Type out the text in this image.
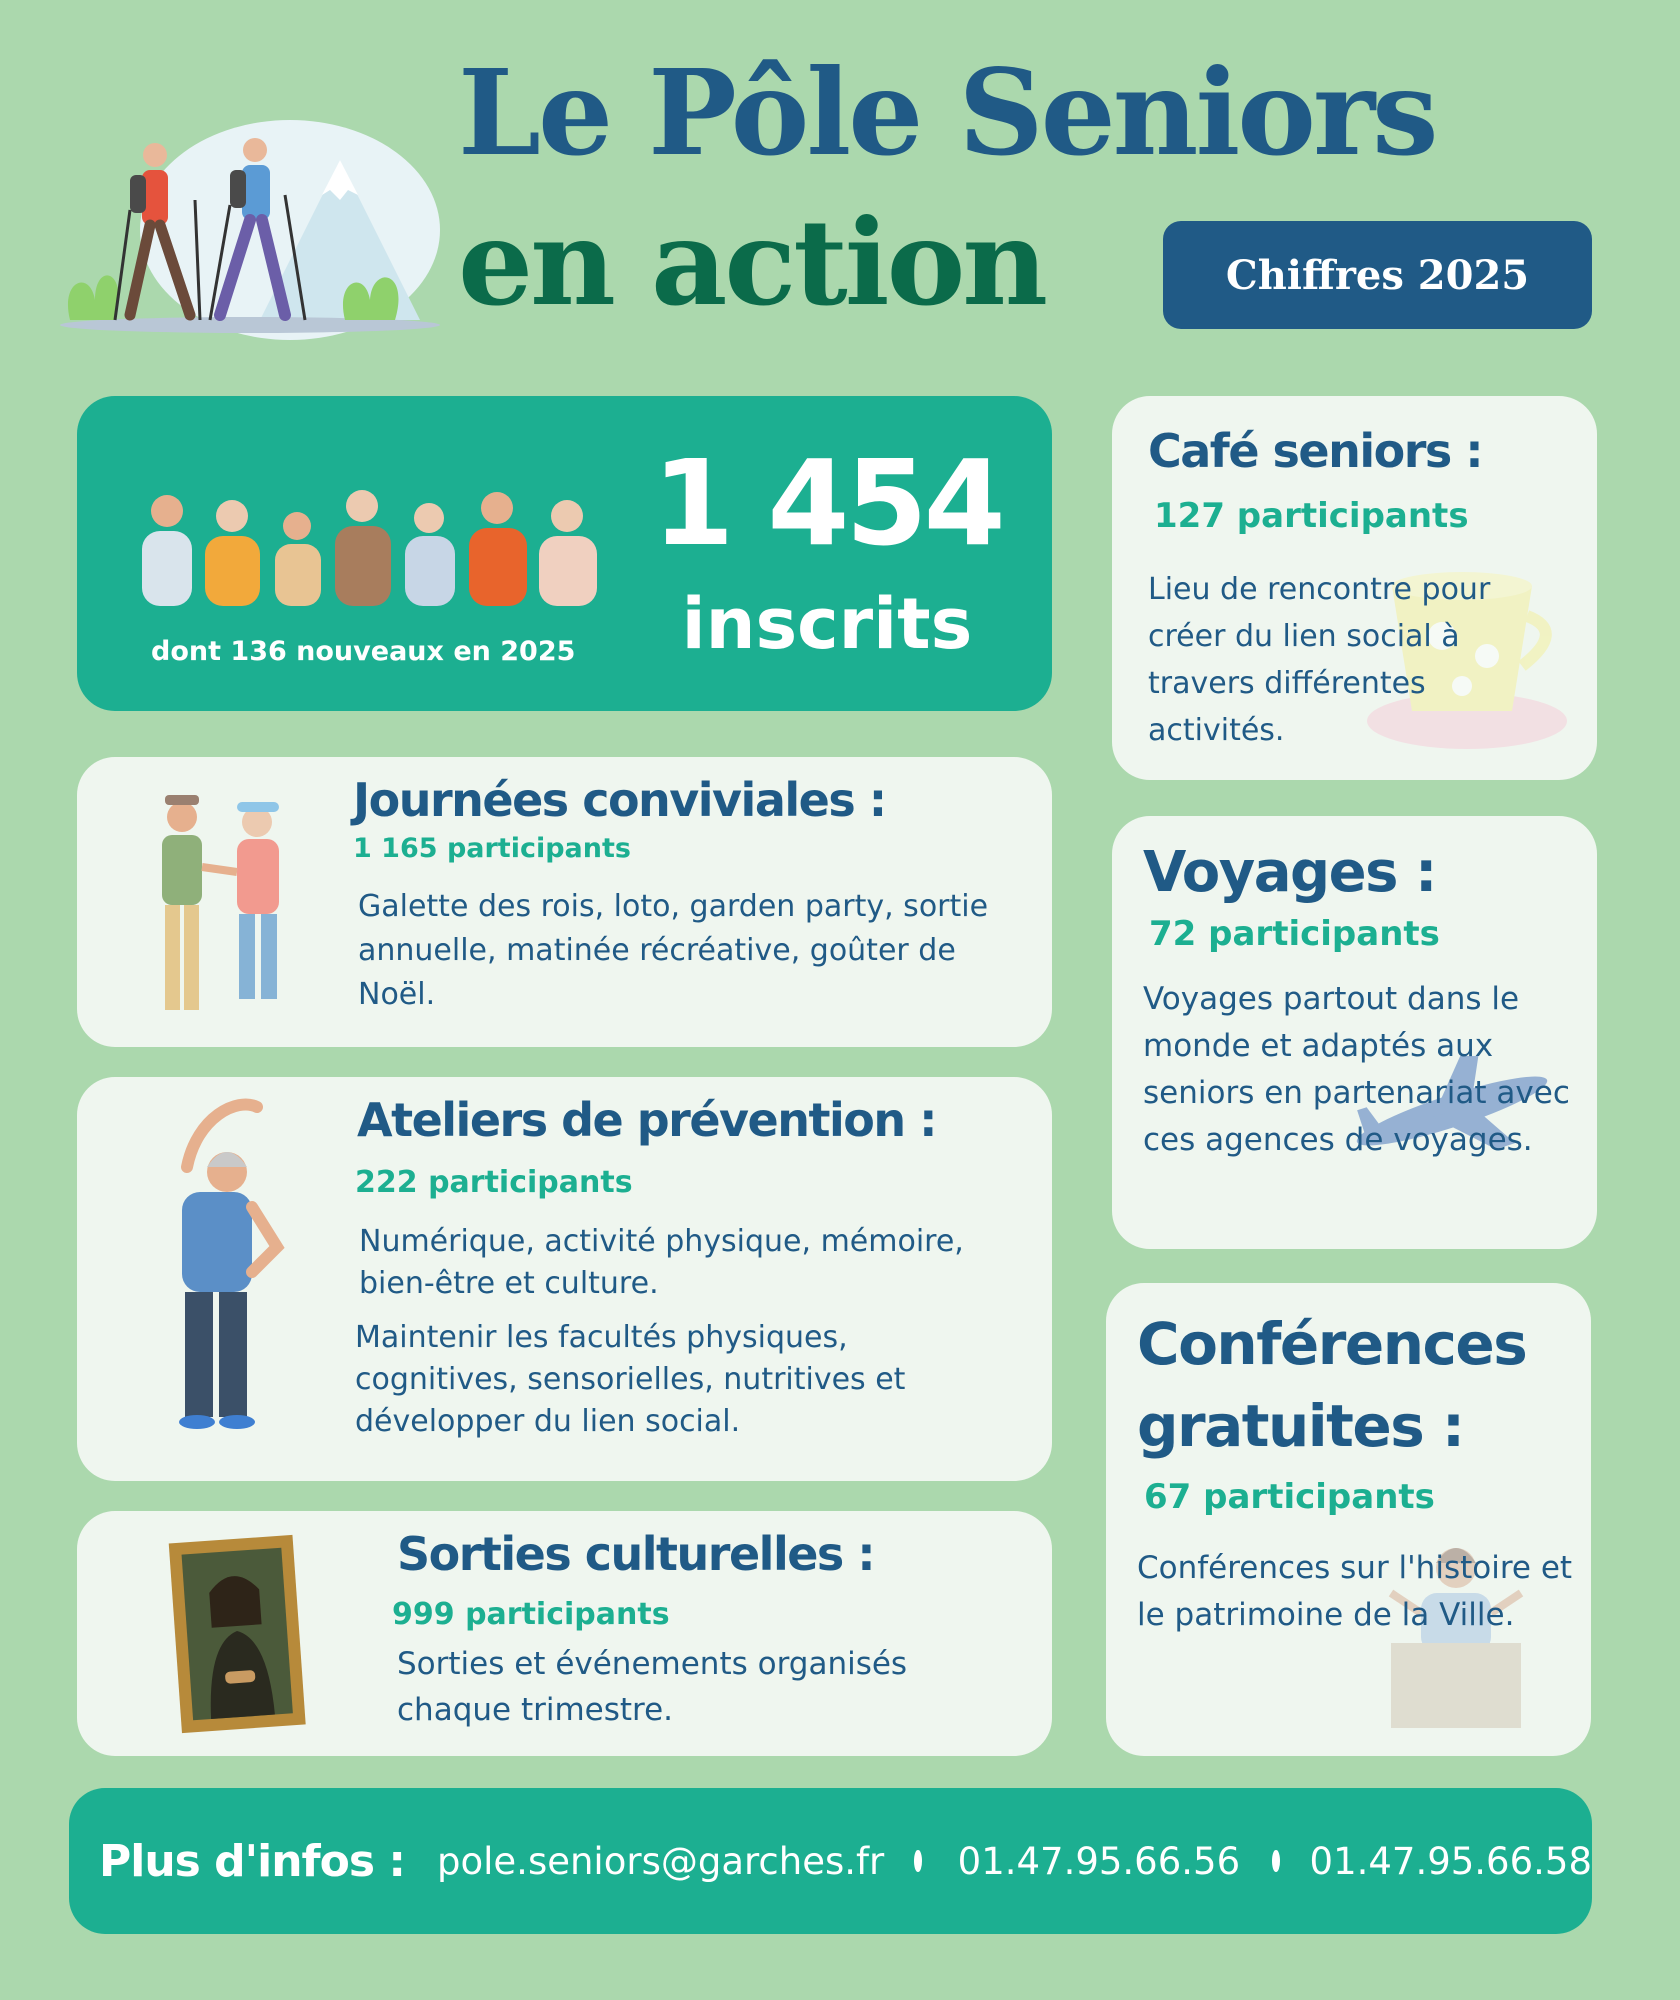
Le Pôle Seniors
en action	Chiffres 2025
dont 136 nouveaux en 2025
1 454
inscrits
Journées conviviales :
1 165 participants
Galette des rois, loto, garden party, sortie annuelle, matinée récréative, goûter de Noël.
Ateliers de prévention :
222 participants
Numérique, activité physique, mémoire, bien-être et culture.
Maintenir les facultés physiques, cognitives, sensorielles, nutritives et développer du lien social.
Sorties culturelles :
999 participants
Sorties et événements organisés chaque trimestre.
Café seniors :
127 participants
Lieu de rencontre pour créer du lien social à travers différentes activités.
Voyages :
72 participants
Voyages partout dans le monde et adaptés aux seniors en partenariat avec ces agences de voyages.
Conférences
gratuites :
67 participants
Conférences sur l'histoire et le patrimoine de la Ville.
Plus d'infos : pole.seniors@garches.fr 01.47.95.66.56 01.47.95.66.58
